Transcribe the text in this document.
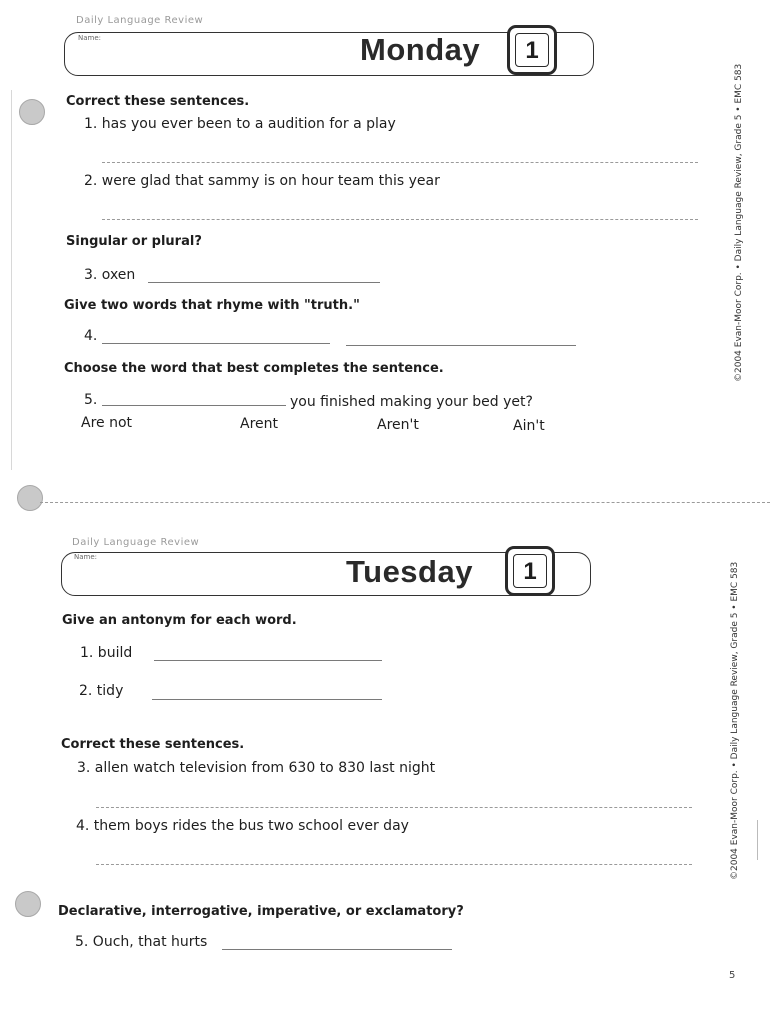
Daily Language Review
Name:	Monday	1
Correct these sentences.
1. has you ever been to a audition for a play
2. were glad that sammy is on hour team this year
Singular or plural?
3. oxen
Give two words that rhyme with "truth."
4.
Choose the word that best completes the sentence.
5.	you finished making your bed yet?
Are not	Arent	Aren't	Ain't
©2004 Evan-Moor Corp. • Daily Language Review, Grade 5 • EMC 583
Daily Language Review
Name:	Tuesday	1
Give an antonym for each word.
1. build
2. tidy
Correct these sentences.
3. allen watch television from 630 to 830 last night
4. them boys rides the bus two school ever day
Declarative, interrogative, imperative, or exclamatory?
5. Ouch, that hurts
©2004 Evan-Moor Corp. • Daily Language Review, Grade 5 • EMC 583
5
